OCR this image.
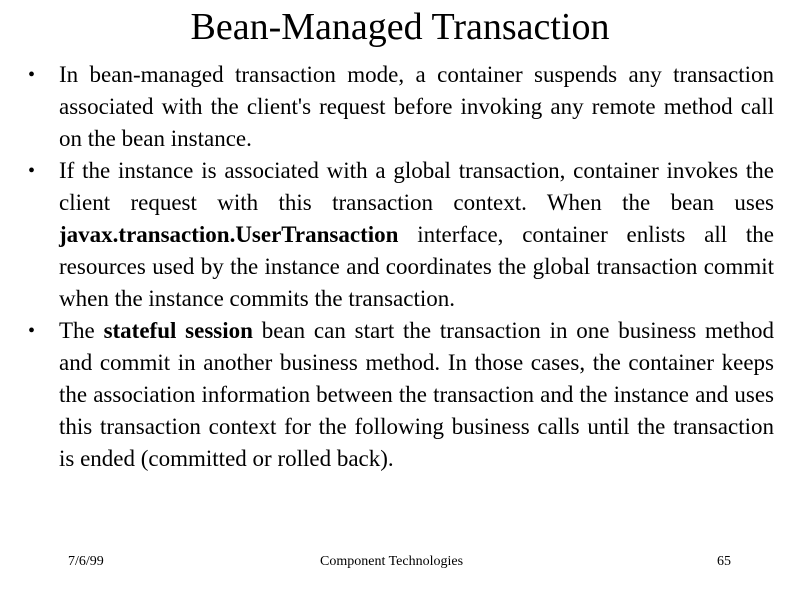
Bean-Managed Transaction
• In bean-managed transaction mode, a container suspends any transaction associated with the client's request before invoking any remote method call on the bean instance.
• If the instance is associated with a global transaction, container invokes the client request with this transaction context. When the bean uses javax.transaction.UserTransaction interface, container enlists all the resources used by the instance and coordinates the global transaction commit when the instance commits the transaction.
• The stateful session bean can start the transaction in one business method and commit in another business method. In those cases, the container keeps the association information between the transaction and the instance and uses this transaction context for the following business calls until the transaction is ended (committed or rolled back).
7/6/99	Component Technologies	65
